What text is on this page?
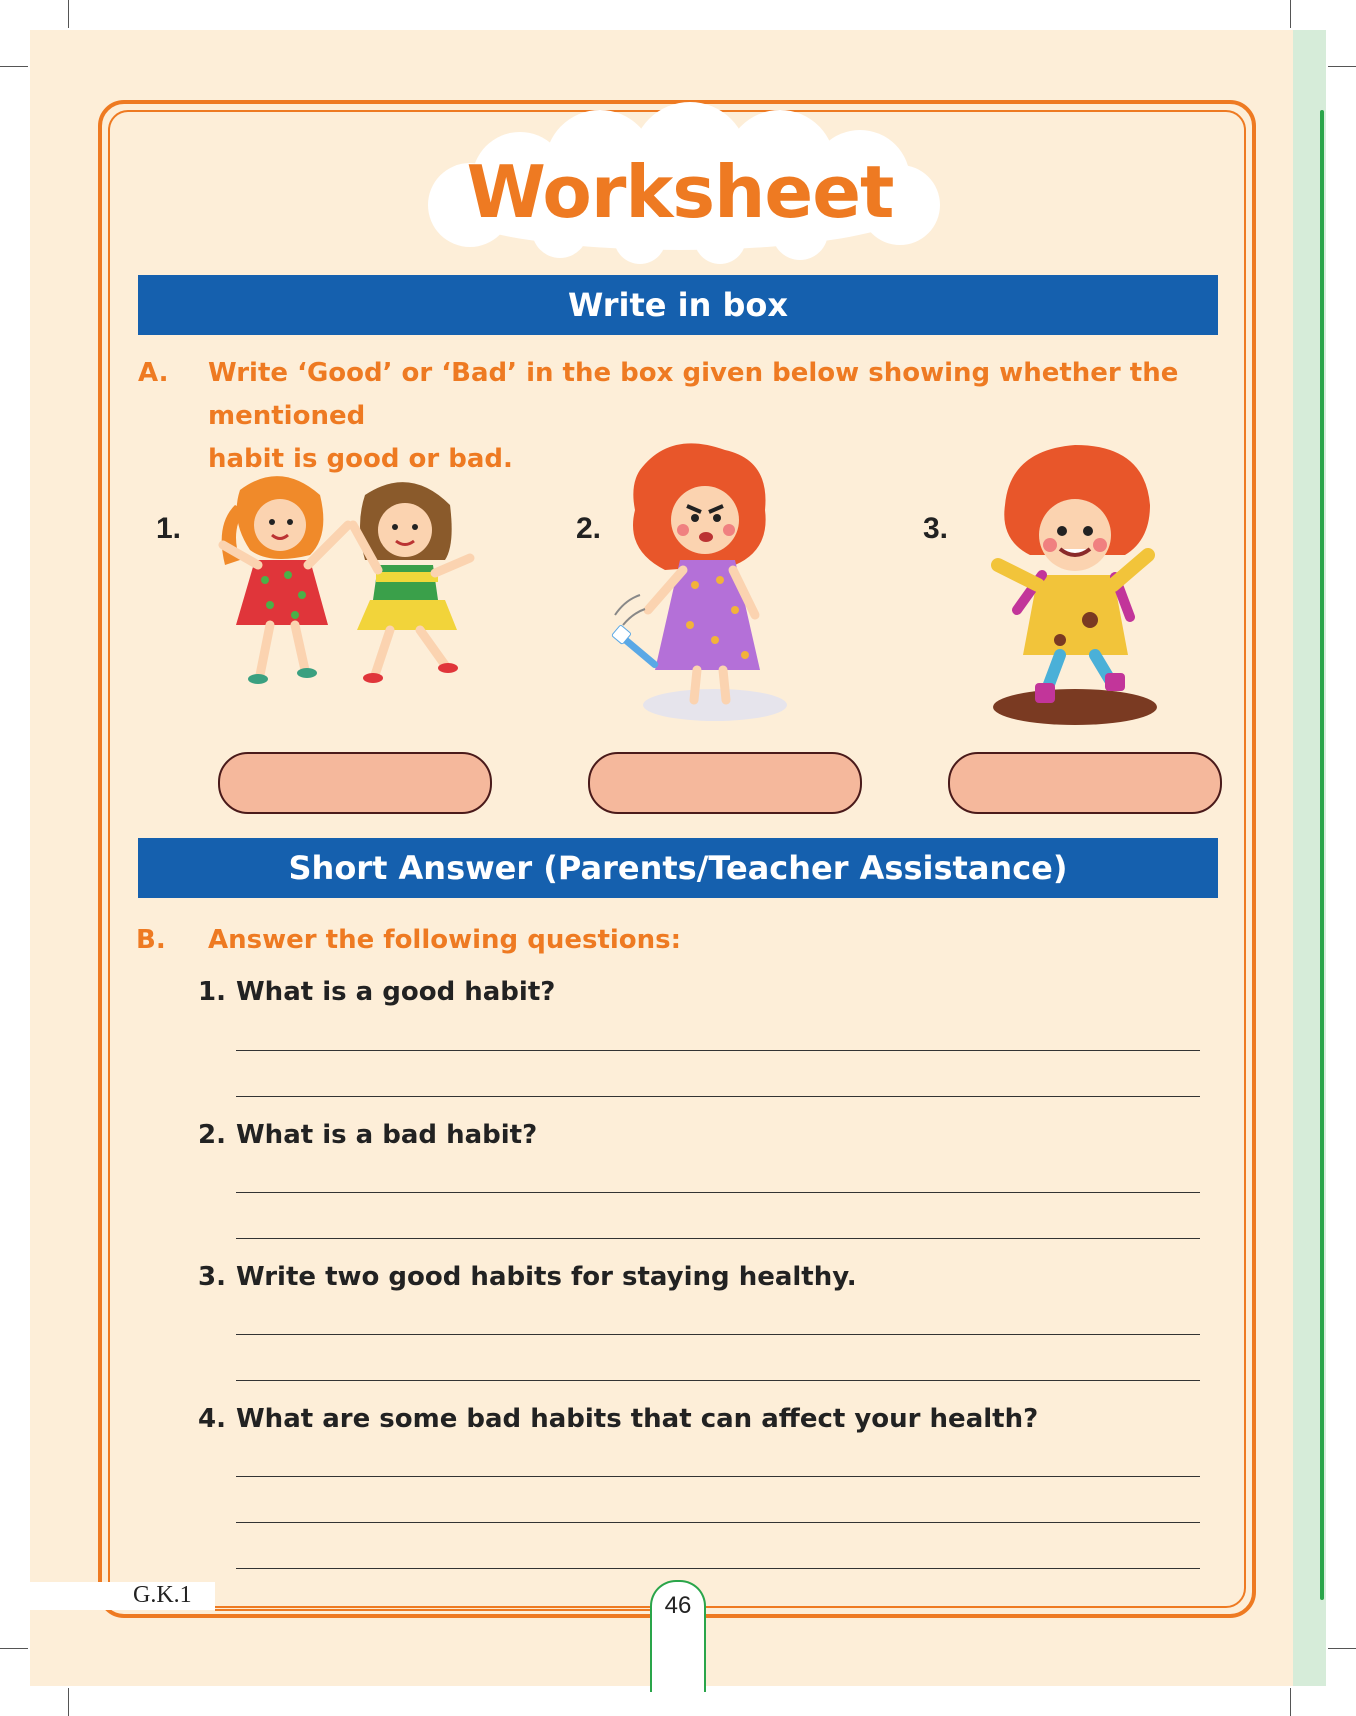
Worksheet
Write in box
A. Write ‘Good’ or ‘Bad’ in the box given below showing whether the mentioned
habit is good or bad.
1.	2.	3.
Short Answer (Parents/Teacher Assistance)
B. Answer the following questions:
1. What is a good habit?
2. What is a bad habit?
3. Write two good habits for staying healthy.
4. What are some bad habits that can affect your health?
G.K.1	46
